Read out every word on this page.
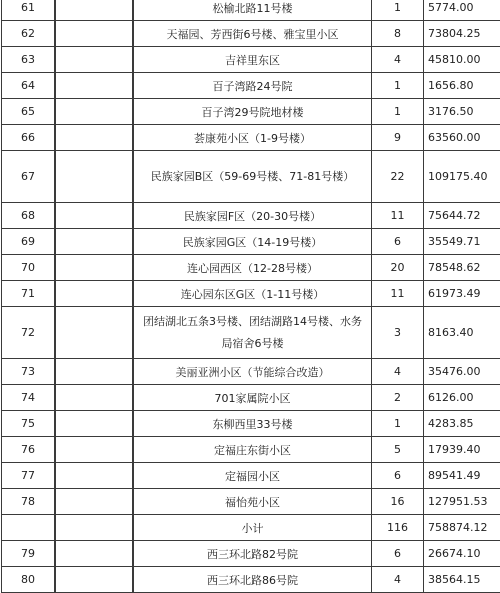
61		松榆北路11号楼	1	5774.00
62		天福园、芳西街6号楼、雅宝里小区	8	73804.25
63		吉祥里东区	4	45810.00
64		百子湾路24号院	1	1656.80
65		百子湾29号院地材楼	1	3176.50
66		荟康苑小区（1-9号楼）	9	63560.00
67		民族家园B区（59-69号楼、71-81号楼）	22	109175.40
68		民族家园F区（20-30号楼）	11	75644.72
69		民族家园G区（14-19号楼）	6	35549.71
70		连心园西区（12-28号楼）	20	78548.62
71		连心园东区G区（1-11号楼）	11	61973.49
72		团结湖北五条3号楼、团结湖路14号楼、水务局宿舍6号楼	3	8163.40
73		美丽亚洲小区（节能综合改造）	4	35476.00
74		701家属院小区	2	6126.00
75		东柳西里33号楼	1	4283.85
76		定福庄东街小区	5	17939.40
77		定福园小区	6	89541.49
78		福怡苑小区	16	127951.53
		小计	116	758874.12
79		西三环北路82号院	6	26674.10
80		西三环北路86号院	4	38564.15
